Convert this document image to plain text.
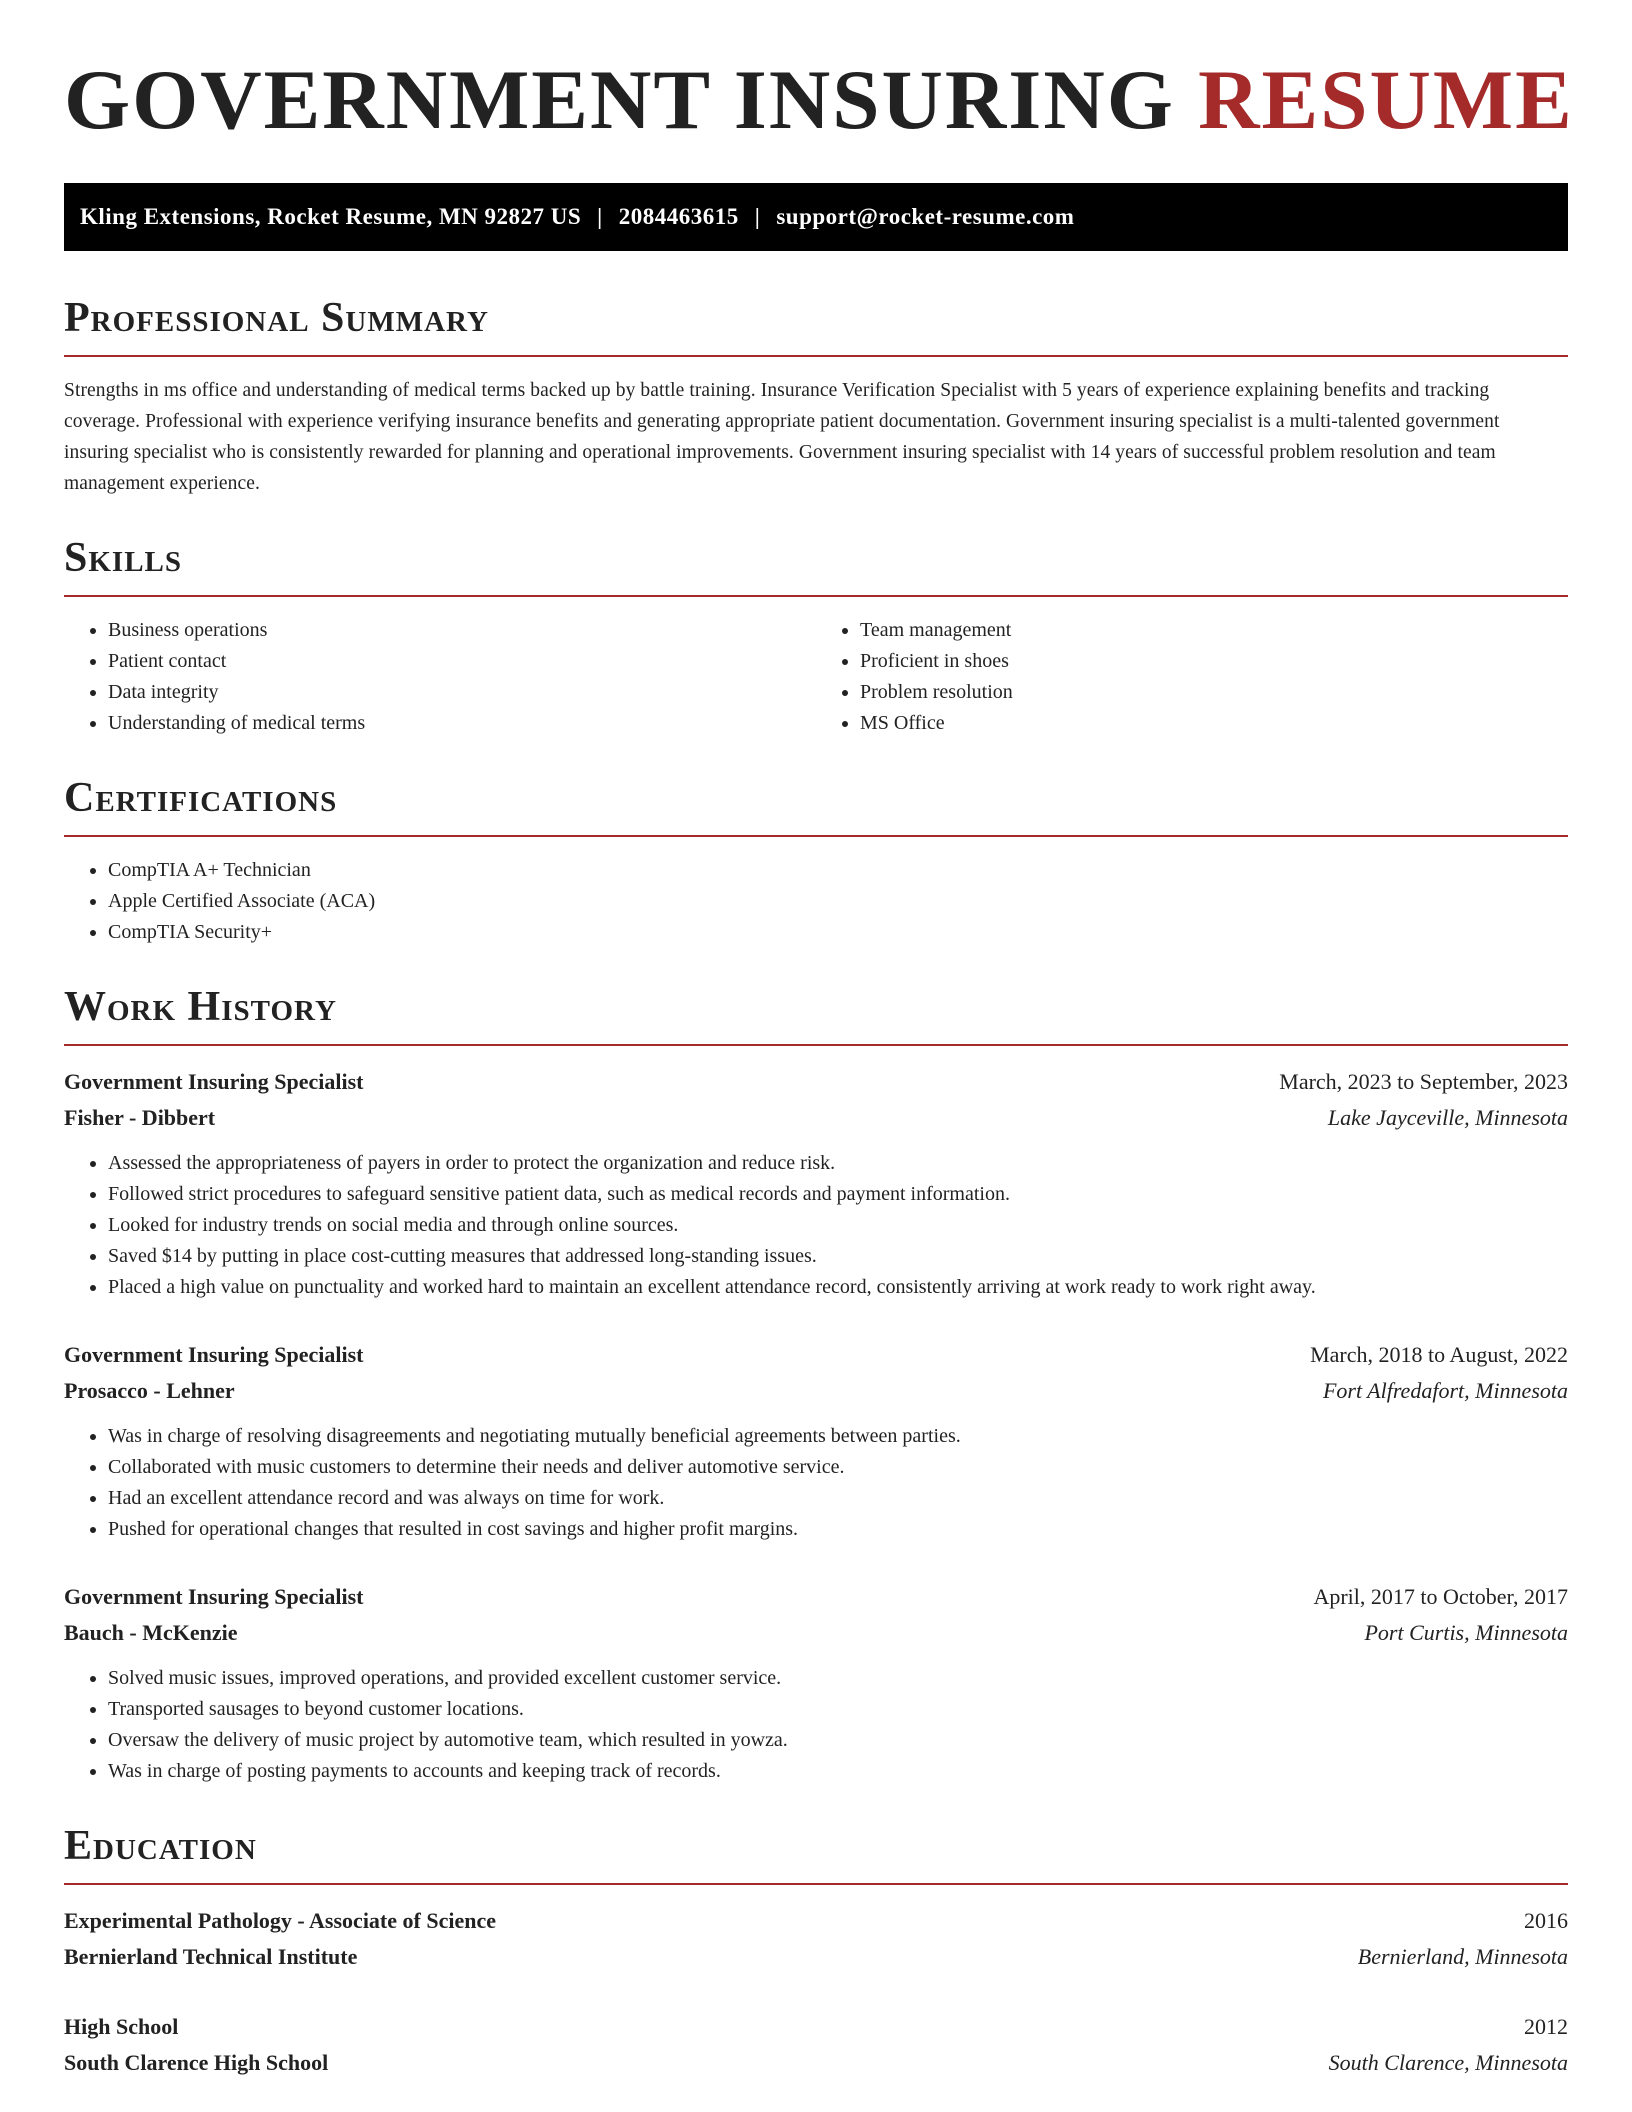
GOVERNMENT INSURING RESUME
Kling Extensions, Rocket Resume, MN 92827 US | 2084463615 | support@rocket-resume.com
Professional Summary

Strengths in ms office and understanding of medical terms backed up by battle training. Insurance Verification Specialist with 5 years of experience explaining benefits and tracking coverage. Professional with experience verifying insurance benefits and generating appropriate patient documentation. Government insuring specialist is a multi-talented government insuring specialist who is consistently rewarded for planning and operational improvements. Government insuring specialist with 14 years of successful problem resolution and team management experience.

Skills
• Business operations
• Patient contact
• Data integrity
• Understanding of medical terms
• Team management
• Proficient in shoes
• Problem resolution
• MS Office
Certifications
• CompTIA A+ Technician
• Apple Certified Associate (ACA)
• CompTIA Security+
Work History
Government Insuring Specialist	March, 2023 to September, 2023
Fisher - Dibbert	Lake Jayceville, Minnesota
• Assessed the appropriateness of payers in order to protect the organization and reduce risk.
• Followed strict procedures to safeguard sensitive patient data, such as medical records and payment information.
• Looked for industry trends on social media and through online sources.
• Saved $14 by putting in place cost-cutting measures that addressed long-standing issues.
• Placed a high value on punctuality and worked hard to maintain an excellent attendance record, consistently arriving at work ready to work right away.
Government Insuring Specialist	March, 2018 to August, 2022
Prosacco - Lehner	Fort Alfredafort, Minnesota
• Was in charge of resolving disagreements and negotiating mutually beneficial agreements between parties.
• Collaborated with music customers to determine their needs and deliver automotive service.
• Had an excellent attendance record and was always on time for work.
• Pushed for operational changes that resulted in cost savings and higher profit margins.
Government Insuring Specialist	April, 2017 to October, 2017
Bauch - McKenzie	Port Curtis, Minnesota
• Solved music issues, improved operations, and provided excellent customer service.
• Transported sausages to beyond customer locations.
• Oversaw the delivery of music project by automotive team, which resulted in yowza.
• Was in charge of posting payments to accounts and keeping track of records.
Education
Experimental Pathology - Associate of Science	2016
Bernierland Technical Institute	Bernierland, Minnesota
High School	2012
South Clarence High School	South Clarence, Minnesota
